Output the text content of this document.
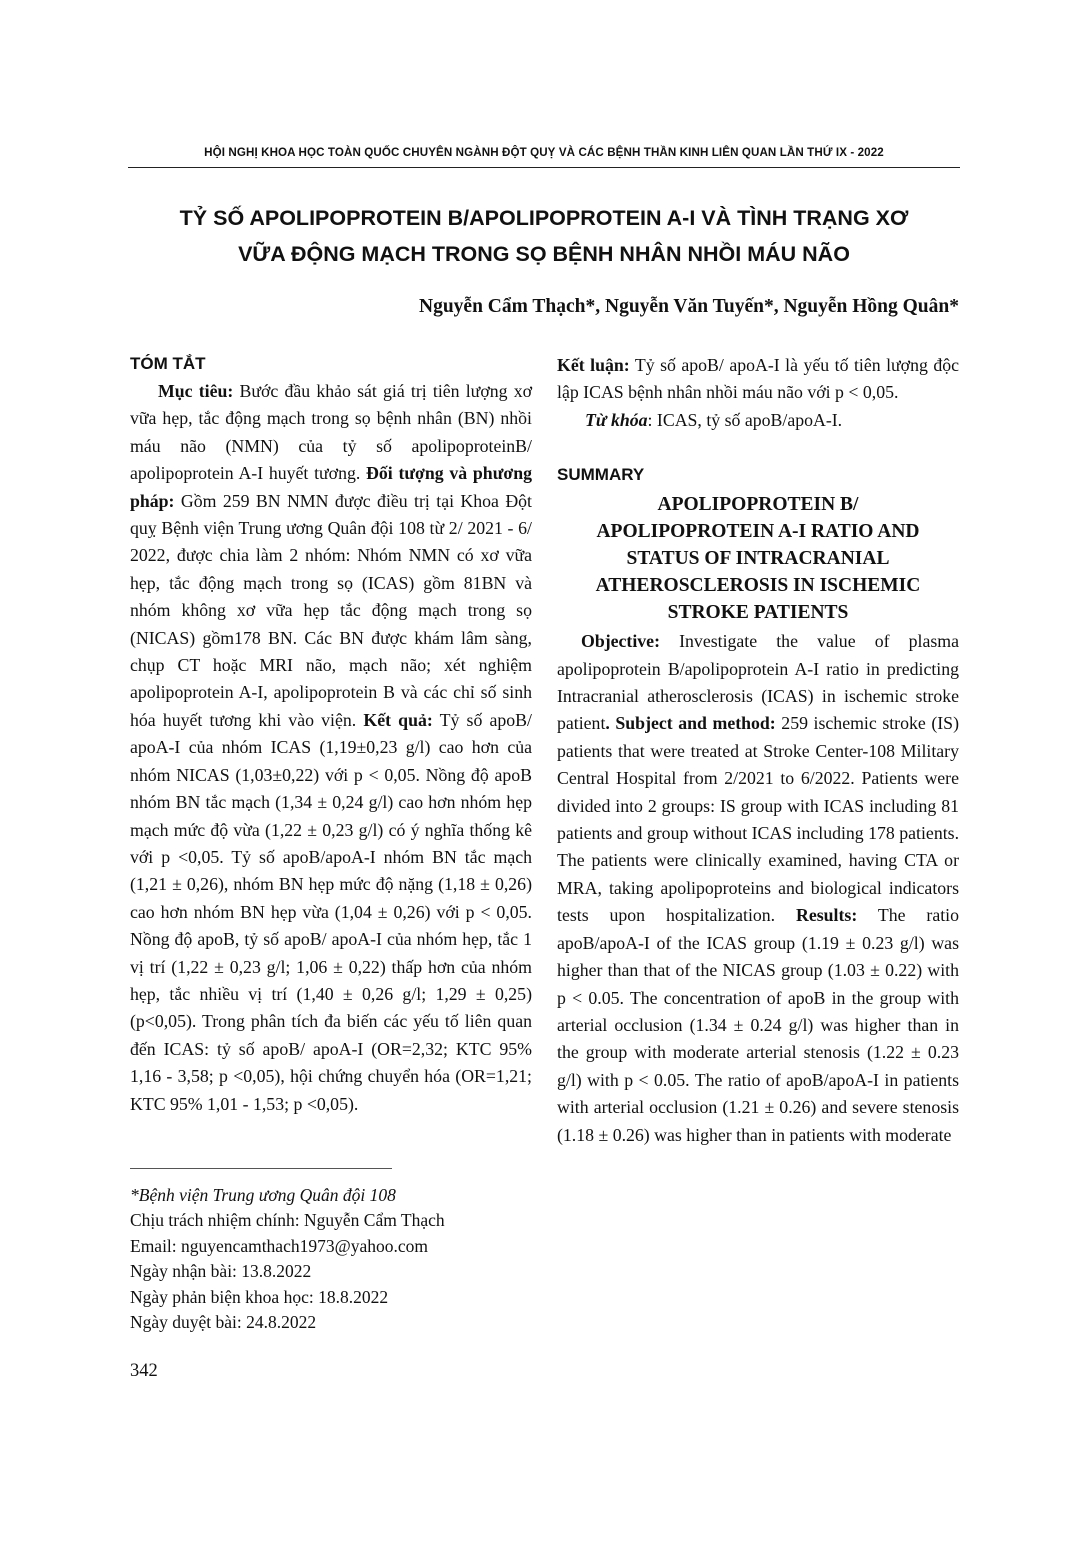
HỘI NGHỊ KHOA HỌC TOÀN QUỐC CHUYÊN NGÀNH ĐỘT QUỴ VÀ CÁC BỆNH THẦN KINH LIÊN QUAN LẦN THỨ IX - 2022
TỶ SỐ APOLIPOPROTEIN B/APOLIPOPROTEIN A-I VÀ TÌNH TRẠNG XƠ
VỮA ĐỘNG MẠCH TRONG SỌ BỆNH NHÂN NHỒI MÁU NÃO
Nguyễn Cẩm Thạch*, Nguyễn Văn Tuyến*, Nguyễn Hồng Quân*
TÓM TẮT

Mục tiêu: Bước đầu khảo sát giá trị tiên lượng xơ vữa hẹp, tắc động mạch trong sọ bệnh nhân (BN) nhồi máu não (NMN) của tỷ số apolipoproteinB/ apolipoprotein A-I huyết tương. Đối tượng và phương pháp: Gồm 259 BN NMN được điều trị tại Khoa Đột quỵ Bệnh viện Trung ương Quân đội 108 từ 2/ 2021 - 6/ 2022, được chia làm 2 nhóm: Nhóm NMN có xơ vữa hẹp, tắc động mạch trong sọ (ICAS) gồm 81BN và nhóm không xơ vữa hẹp tắc động mạch trong sọ (NICAS) gồm178 BN. Các BN được khám lâm sàng, chụp CT hoặc MRI não, mạch não; xét nghiệm apolipoprotein A-I, apolipoprotein B và các chỉ số sinh hóa huyết tương khi vào viện. Kết quả: Tỷ số apoB/ apoA-I của nhóm ICAS (1,19±0,23 g/l) cao hơn của nhóm NICAS (1,03±0,22) với p < 0,05. Nồng độ apoB nhóm BN tắc mạch (1,34 ± 0,24 g/l) cao hơn nhóm hẹp mạch mức độ vừa (1,22 ± 0,23 g/l) có ý nghĩa thống kê với p <0,05. Tỷ số apoB/apoA-I nhóm BN tắc mạch (1,21 ± 0,26), nhóm BN hẹp mức độ nặng (1,18 ± 0,26) cao hơn nhóm BN hẹp vừa (1,04 ± 0,26) với p < 0,05. Nồng độ apoB, tỷ số apoB/ apoA-I của nhóm hẹp, tắc 1 vị trí (1,22 ± 0,23 g/l; 1,06 ± 0,22) thấp hơn của nhóm hẹp, tắc nhiều vị trí (1,40 ± 0,26 g/l; 1,29 ± 0,25) (p<0,05). Trong phân tích đa biến các yếu tố liên quan đến ICAS: tỷ số apoB/ apoA-I (OR=2,32; KTC 95% 1,16 - 3,58; p <0,05), hội chứng chuyển hóa (OR=1,21; KTC 95% 1,01 - 1,53; p <0,05).

Kết luận: Tỷ số apoB/ apoA-I là yếu tố tiên lượng độc lập ICAS bệnh nhân nhồi máu não với p < 0,05.

Từ khóa: ICAS, tỷ số apoB/apoA-I.

SUMMARY
APOLIPOPROTEIN B/
APOLIPOPROTEIN A-I RATIO AND
STATUS OF INTRACRANIAL
ATHEROSCLEROSIS IN ISCHEMIC
STROKE PATIENTS

Objective: Investigate the value of plasma apolipoprotein B/apolipoprotein A-I ratio in predicting Intracranial atherosclerosis (ICAS) in ischemic stroke patient. Subject and method: 259 ischemic stroke (IS) patients that were treated at Stroke Center-108 Military Central Hospital from 2/2021 to 6/2022. Patients were divided into 2 groups: IS group with ICAS including 81 patients and group without ICAS including 178 patients. The patients were clinically examined, having CTA or MRA, taking apolipoproteins and biological indicators tests upon hospitalization. Results: The ratio apoB/apoA-I of the ICAS group (1.19 ± 0.23 g/l) was higher than that of the NICAS group (1.03 ± 0.22) with p < 0.05. The concentration of apoB in the group with arterial occlusion (1.34 ± 0.24 g/l) was higher than in the group with moderate arterial stenosis (1.22 ± 0.23 g/l) with p < 0.05. The ratio of apoB/apoA-I in patients with arterial occlusion (1.21 ± 0.26) and severe stenosis (1.18 ± 0.26) was higher than in patients with moderate

*Bệnh viện Trung ương Quân đội 108
Chịu trách nhiệm chính: Nguyễn Cẩm Thạch
Email: nguyencamthach1973@yahoo.com
Ngày nhận bài: 13.8.2022
Ngày phản biện khoa học: 18.8.2022
Ngày duyệt bài: 24.8.2022
342
